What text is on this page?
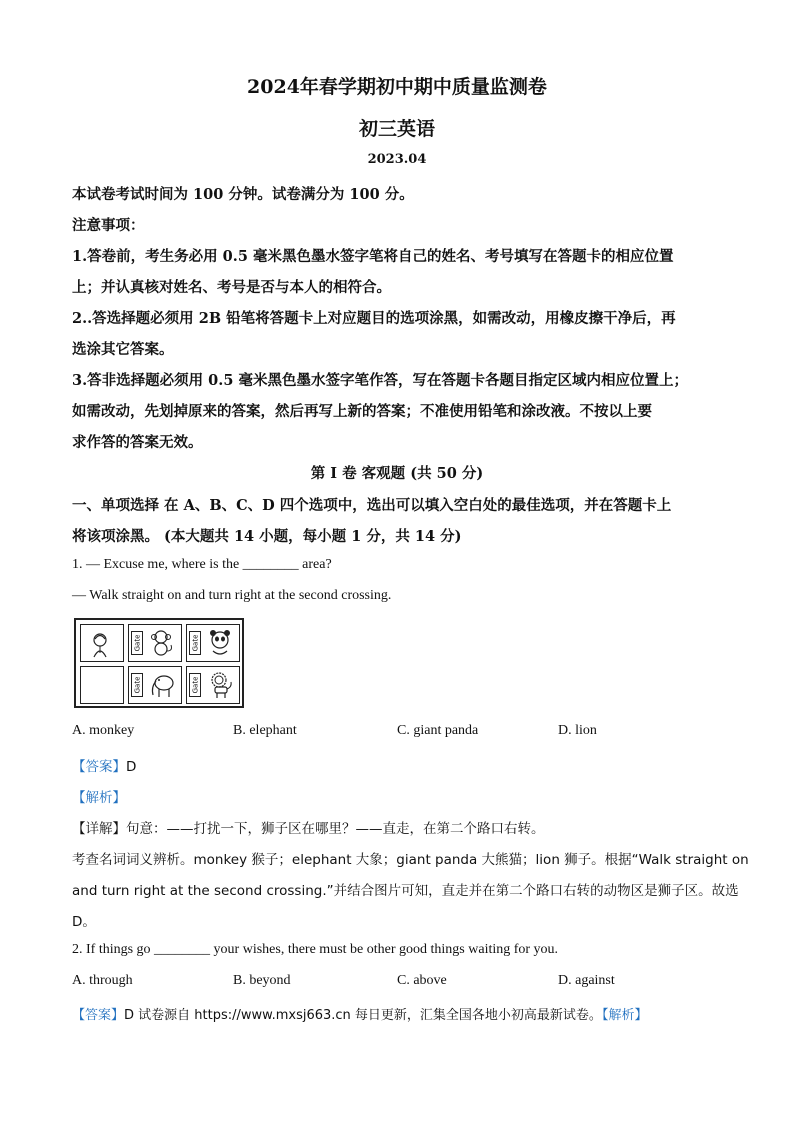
2024年春学期初中期中质量监测卷
初三英语
2023.04
本试卷考试时间为 100 分钟。试卷满分为 100 分。
注意事项：
1.答卷前，考生务必用 0.5 毫米黑色墨水签字笔将自己的姓名、考号填写在答题卡的相应位置
上；并认真核对姓名、考号是否与本人的相符合。
2..答选择题必须用 2B 铅笔将答题卡上对应题目的选项涂黑，如需改动，用橡皮擦干净后，再
选涂其它答案。
3.答非选择题必须用 0.5 毫米黑色墨水签字笔作答，写在答题卡各题目指定区域内相应位置上；
如需改动，先划掉原来的答案，然后再写上新的答案；不准使用铅笔和涂改液。不按以上要
求作答的答案无效。
第 I 卷 客观题 (共 50 分)
一、单项选择 在 A、B、C、D 四个选项中，选出可以填入空白处的最佳选项，并在答题卡上
将该项涂黑。 (本大题共 14 小题，每小题 1 分，共 14 分)
1. — Excuse me, where is the ________ area?
— Walk straight on and turn right at the second crossing.
Gate	Gate
Gate	Gate
A. monkey	B. elephant	C. giant panda	D. lion
【答案】D
【解析】
【详解】句意：——打扰一下，狮子区在哪里？——直走，在第二个路口右转。
考查名词词义辨析。monkey 猴子；elephant 大象；giant panda 大熊猫；lion 狮子。根据“Walk straight on
and turn right at the second crossing.”并结合图片可知，直走并在第二个路口右转的动物区是狮子区。故选
D。
2. If things go ________ your wishes, there must be other good things waiting for you.
A. through	B. beyond	C. above	D. against
【答案】D 试卷源自 https://www.mxsj663.cn 每日更新，汇集全国各地小初高最新试卷。【解析】
